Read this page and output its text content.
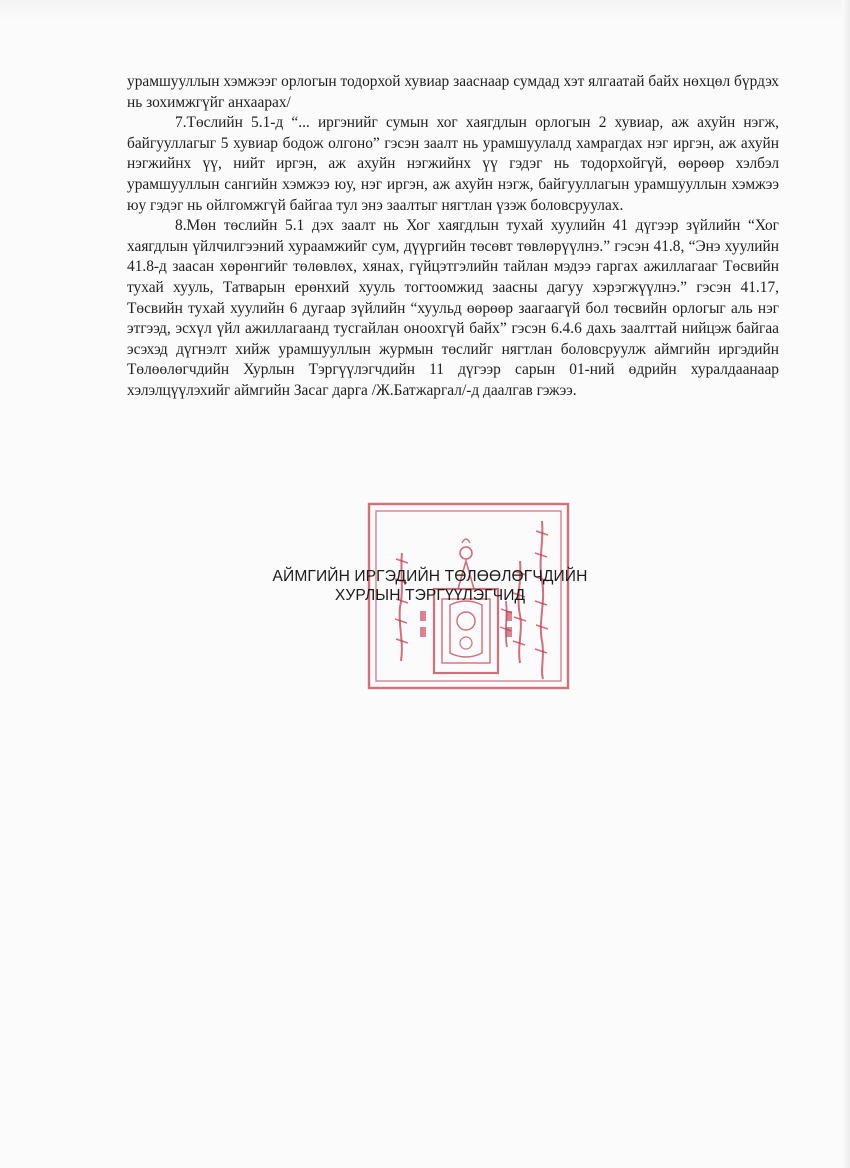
урамшууллын хэмжээг орлогын тодорхой хувиар зааснаар сумдад хэт ялгаатай байх нөхцөл бүрдэх нь зохимжгүйг анхаарах/

7.Төслийн 5.1-д “... иргэнийг сумын хог хаягдлын орлогын 2 хувиар, аж ахуйн нэгж, байгууллагыг 5 хувиар бодож олгоно” гэсэн заалт нь урамшуулалд хамрагдах нэг иргэн, аж ахуйн нэгжийнх үү, нийт иргэн, аж ахуйн нэгжийнх үү гэдэг нь тодорхойгүй, өөрөөр хэлбэл урамшууллын сангийн хэмжээ юу, нэг иргэн, аж ахуйн нэгж, байгууллагын урамшууллын хэмжээ юу гэдэг нь ойлгомжгүй байгаа тул энэ заалтыг нягтлан үзэж боловсруулах.

8.Мөн төслийн 5.1 дэх заалт нь Хог хаягдлын тухай хуулийн 41 дүгээр зүйлийн “Хог хаягдлын үйлчилгээний хураамжийг сум, дүүргийн төсөвт төвлөрүүлнэ.” гэсэн 41.8, “Энэ хуулийн 41.8-д заасан хөрөнгийг төлөвлөх, хянах, гүйцэтгэлийн тайлан мэдээ гаргах ажиллагааг Төсвийн тухай хууль, Татварын ерөнхий хууль тогтоомжид заасны дагуу хэрэгжүүлнэ.” гэсэн 41.17, Төсвийн тухай хуулийн 6 дугаар зүйлийн “хуульд өөрөөр заагаагүй бол төсвийн орлогыг аль нэг этгээд, эсхүл үйл ажиллагаанд тусгайлан оноохгүй байх” гэсэн 6.4.6 дахь заалттай нийцэж байгаа эсэхэд дүгнэлт хийж урамшууллын журмын төслийг нягтлан боловсруулж аймгийн иргэдийн Төлөөлөгчдийн Хурлын Тэргүүлэгчдийн 11 дүгээр сарын 01-ний өдрийн хуралдаанаар хэлэлцүүлэхийг аймгийн Засаг дарга /Ж.Батжаргал/-д даалгав гэжээ.

АЙМГИЙН ИРГЭДИЙН ТӨЛӨӨЛӨГЧДИЙН
ХУРЛЫН ТЭРГҮҮЛЭГЧИД
